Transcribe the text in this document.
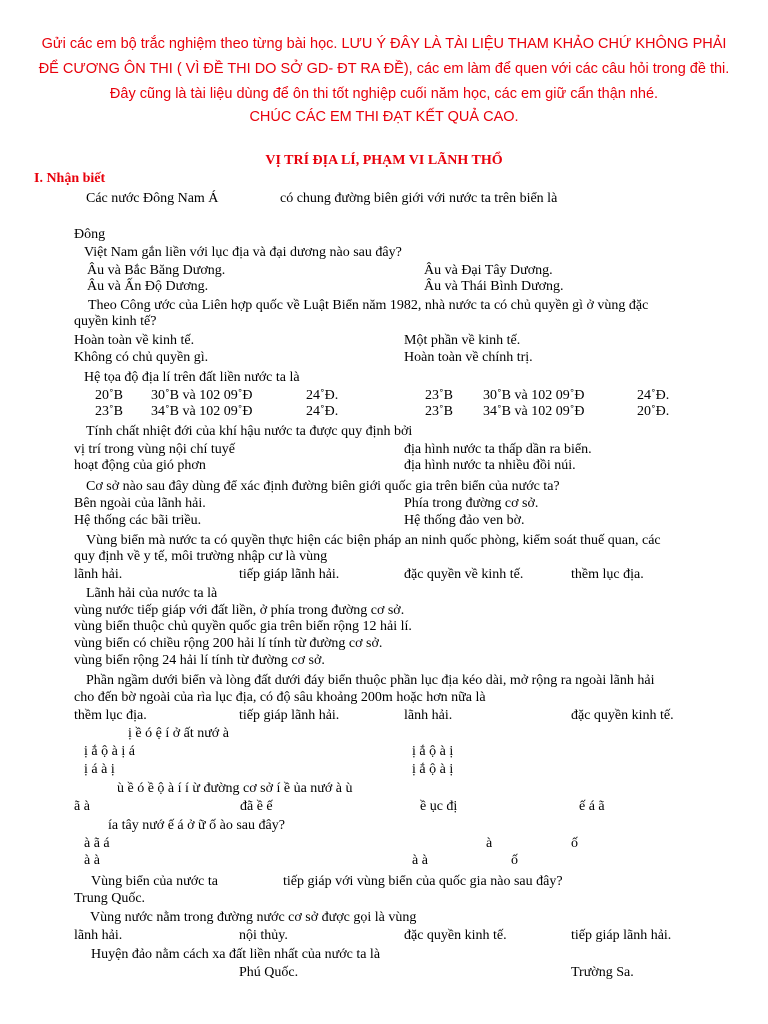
Gửi các em bộ trắc nghiệm theo từng bài học. LƯU Ý ĐÂY LÀ TÀI LIỆU THAM KHẢO CHỨ KHÔNG PHẢI
ĐỂ CƯƠNG ÔN THI ( VÌ ĐỀ THI DO SỞ GD- ĐT RA ĐỀ), các em làm để quen với các câu hỏi trong đề thi.
Đây cũng là tài liệu dùng để ôn thi tốt nghiệp cuối năm học, các em giữ cẩn thận nhé.
CHÚC CÁC EM THI ĐẠT KẾT QUẢ CAO.
VỊ TRÍ ĐỊA LÍ, PHẠM VI LÃNH THỔ
I. Nhận biết
Các nước Đông Nam Á	có chung đường biên giới với nước ta trên biển là
Đông
Việt Nam gắn liền với lục địa và đại dương nào sau đây?
Âu và Bắc Băng Dương.	Âu và Đại Tây Dương.
Âu và Ấn Độ Dương.	Âu và Thái Bình Dương.
Theo Công ước của Liên hợp quốc về Luật Biển năm 1982, nhà nước ta có chủ quyền gì ở vùng đặc
quyền kinh tế?
Hoàn toàn về kinh tế.	Một phần về kinh tế.
Không có chủ quyền gì.	Hoàn toàn về chính trị.
Hệ tọa độ địa lí trên đất liền nước ta là
20˚B 30˚B và 102 09˚Đ	24˚Đ.	23˚B 30˚B và 102 09˚Đ	24˚Đ.
23˚B 34˚B và 102 09˚Đ	24˚Đ.	23˚B 34˚B và 102 09˚Đ	20˚Đ.
Tính chất nhiệt đới của khí hậu nước ta được quy định bởi
vị trí trong vùng nội chí tuyế	địa hình nước ta thấp dần ra biển.
hoạt động của gió phơn	địa hình nước ta nhiều đồi núi.
Cơ sở nào sau đây dùng để xác định đường biên giới quốc gia trên biển của nước ta?
Bên ngoài của lãnh hải.	Phía trong đường cơ sở.
Hệ thống các bãi triều.	Hệ thống đảo ven bờ.
Vùng biển mà nước ta có quyền thực hiện các biện pháp an ninh quốc phòng, kiểm soát thuế quan, các
quy định về y tế, môi trường nhập cư là vùng
lãnh hải.	tiếp giáp lãnh hải.	đặc quyền về kinh tế.	thềm lục địa.
Lãnh hải của nước ta là
vùng nước tiếp giáp với đất liền, ở phía trong đường cơ sở.
vùng biển thuộc chủ quyền quốc gia trên biển rộng 12 hải lí.
vùng biển có chiều rộng 200 hải lí tính từ đường cơ sở.
vùng biển rộng 24 hải lí tính từ đường cơ sở.
Phần ngầm dưới biển và lòng đất dưới đáy biển thuộc phần lục địa kéo dài, mở rộng ra ngoài lãnh hải
cho đến bờ ngoài của rìa lục địa, có độ sâu khoảng 200m hoặc hơn nữa là
thềm lục địa.	tiếp giáp lãnh hải.	lãnh hải.	đặc quyền kinh tế.
ị ề ó ệ í ở ất nướ à
ị ắ ộ à ị á	ị ắ ộ à ị
ị á à ị	ị ắ ộ à ị
ù ề ó ề ộ à í í ừ đường cơ sở í ề ủa nướ à ù
ã à	đã ề ế	ề ục đị	ế á ã
ía tây nướ ế á ở ữ ố ào sau đây?
à ã á	à	ố
à à	à à	ố
Vùng biển của nước ta	tiếp giáp với vùng biển của quốc gia nào sau đây?
Trung Quốc.
Vùng nước nằm trong đường nước cơ sở được gọi là vùng
lãnh hải.	nội thủy.	đặc quyền kinh tế.	tiếp giáp lãnh hải.
Huyện đảo nằm cách xa đất liền nhất của nước ta là
Phú Quốc.	Trường Sa.
